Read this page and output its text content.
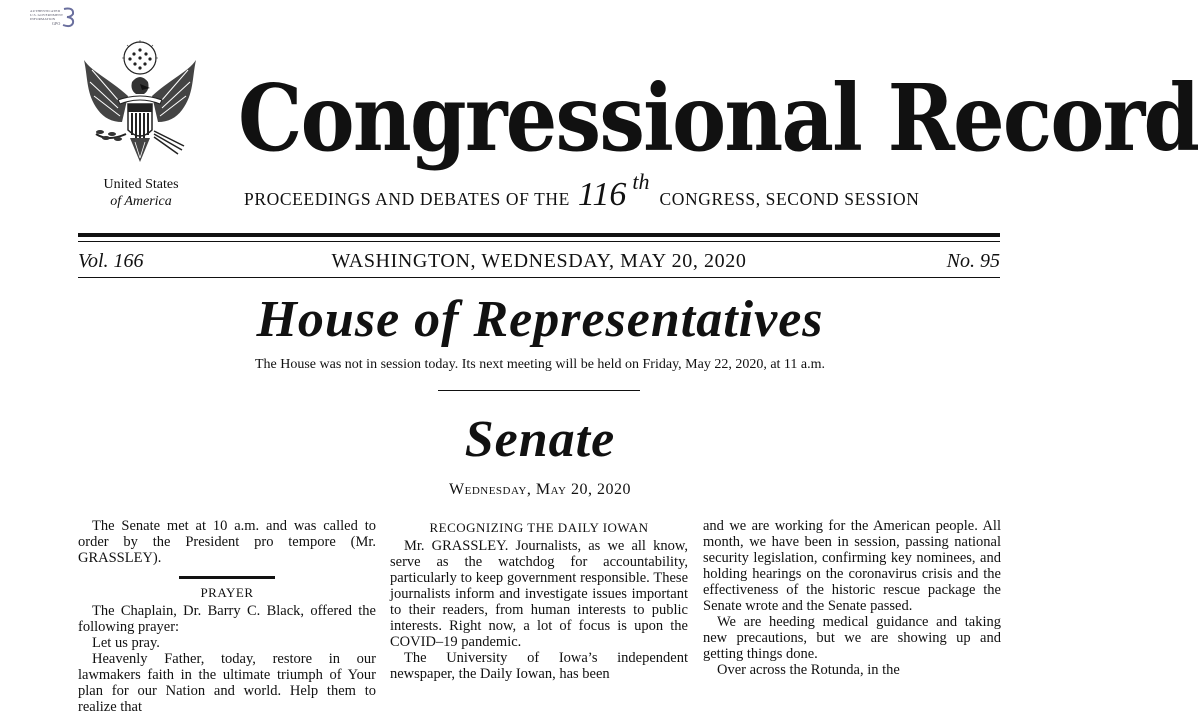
AUTHENTICATED
U.S. GOVERNMENT
INFORMATION
GPO
United States
of America
Congressional Record
PROCEEDINGS AND DEBATES OF THE 116 th
CONGRESS, SECOND SESSION
Vol. 166	WASHINGTON, WEDNESDAY, MAY 20, 2020	No. 95
House of Representatives
The House was not in session today. Its next meeting will be held on Friday, May 22, 2020, at 11 a.m.
Senate
Wednesday, May 20, 2020

The Senate met at 10 a.m. and was called to order by the President pro tempore (Mr. GRASSLEY).

PRAYER

The Chaplain, Dr. Barry C. Black, offered the following prayer:

Let us pray.

Heavenly Father, today, restore in our lawmakers faith in the ultimate triumph of Your plan for our Nation and world. Help them to realize that

RECOGNIZING THE DAILY IOWAN

Mr. GRASSLEY. Journalists, as we all know, serve as the watchdog for accountability, particularly to keep government responsible. These journalists inform and investigate issues important to their readers, from human interests to public interests. Right now, a lot of focus is upon the COVID–19 pandemic.

The University of Iowa’s independent newspaper, the Daily Iowan, has been

and we are working for the American people. All month, we have been in session, passing national security legislation, confirming key nominees, and holding hearings on the coronavirus crisis and the effectiveness of the historic rescue package the Senate wrote and the Senate passed.

We are heeding medical guidance and taking new precautions, but we are showing up and getting things done.

Over across the Rotunda, in the
